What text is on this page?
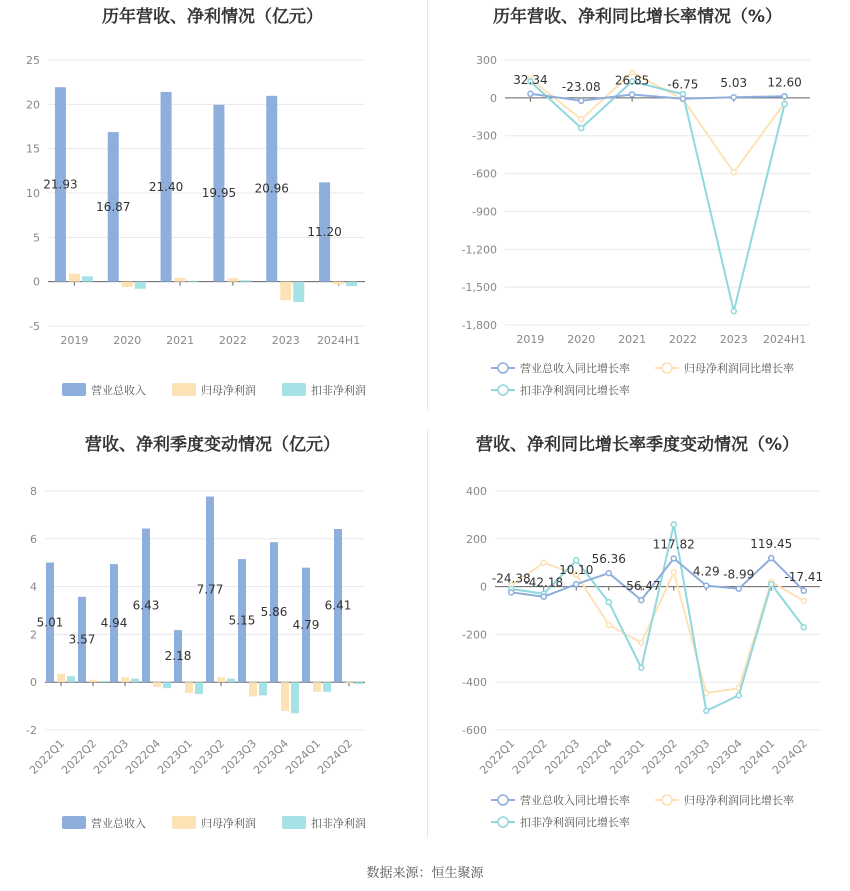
历年营收、净利情况（亿元）
-5
0
5
10
15
20
25
2019
21.93
2020
16.87
2021
21.40
2022
19.95
2023
20.96
2024H1
11.20
营业总收入	归母净利润	扣非净利润
历年营收、净利同比增长率情况（%）
300
0
-300
-600
-900
-1,200
-1,500
-1,800
2019 2020 2021 2022 2023 2024H1
32.34 -23.08 26.85 -6.75 5.03 12.60
营业总收入同比增长率	归母净利润同比增长率
扣非净利润同比增长率
营收、净利季度变动情况（亿元）
-2
0
2
4
6
8
2022Q1
5.01
2022Q2
3.57
2022Q3
4.94
2022Q4
6.43
2023Q1
2.18
2023Q2
7.77
2023Q3
5.15
2023Q4
5.86
2024Q1
4.79
2024Q2
6.41
营业总收入	归母净利润	扣非净利润
营收、净利同比增长率季度变动情况（%）
400
200
0
-200
-400
-600
2022Q1
2022Q2
2022Q3
2022Q4
2023Q1
2023Q2
2023Q3
2023Q4
2024Q1
2024Q2
-24.38
-42.18
10.10
56.36
-56.47
117.82
4.29 -8.99
119.45
-17.41
营业总收入同比增长率	归母净利润同比增长率
扣非净利润同比增长率
数据来源：恒生聚源
